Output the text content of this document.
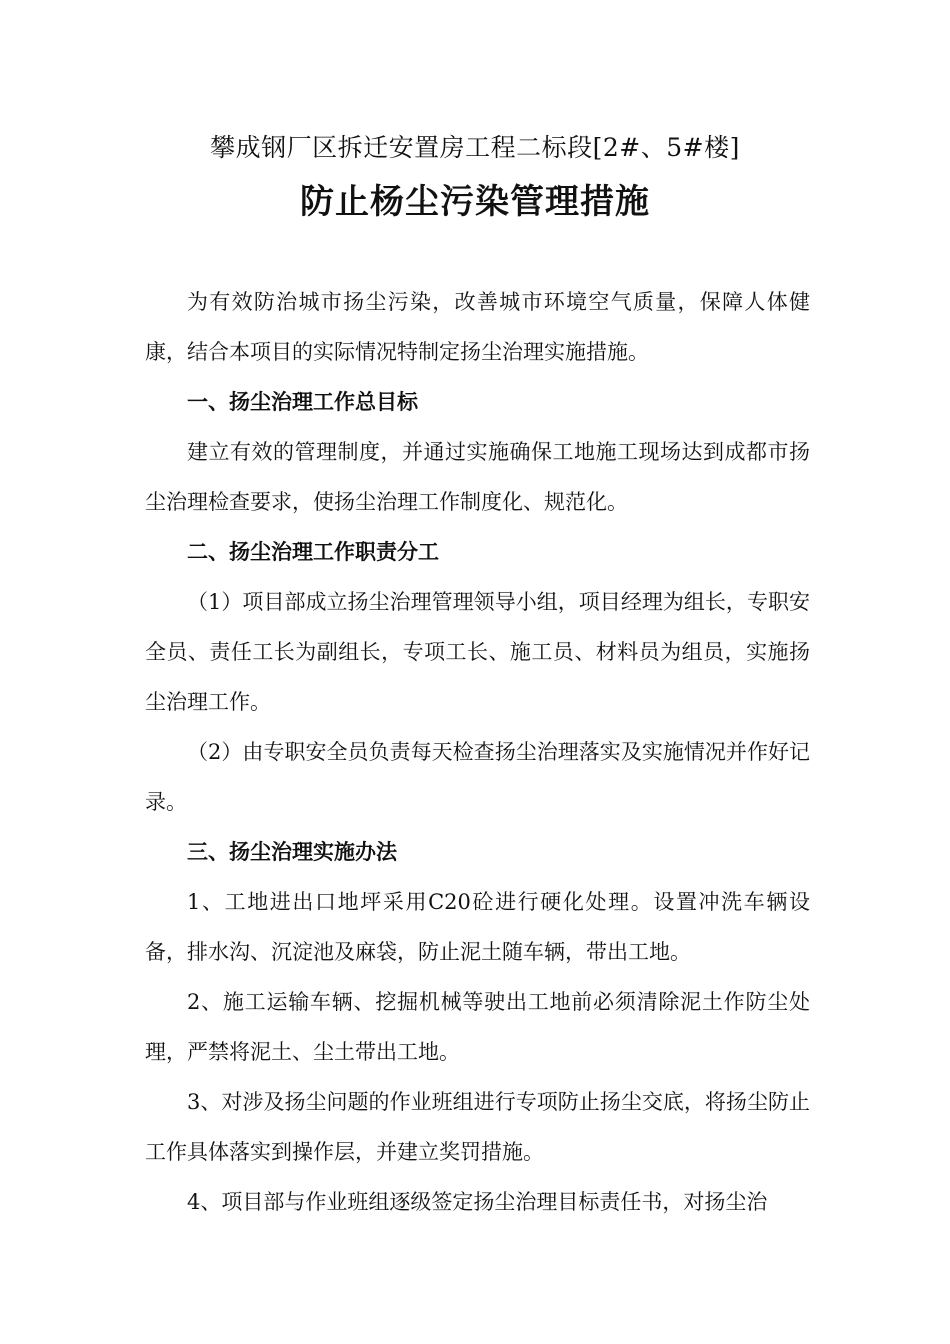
攀成钢厂区拆迁安置房工程二标段[2#、5#楼]
防止杨尘污染管理措施

为有效防治城市扬尘污染，改善城市环境空气质量，保障人体健康，结合本项目的实际情况特制定扬尘治理实施措施。

一、扬尘治理工作总目标

建立有效的管理制度，并通过实施确保工地施工现场达到成都市扬尘治理检查要求，使扬尘治理工作制度化、规范化。

二、扬尘治理工作职责分工

（1）项目部成立扬尘治理管理领导小组，项目经理为组长，专职安全员、责任工长为副组长，专项工长、施工员、材料员为组员，实施扬尘治理工作。

（2）由专职安全员负责每天检查扬尘治理落实及实施情况并作好记录。

三、扬尘治理实施办法

1、工地进出口地坪采用C20砼进行硬化处理。设置冲洗车辆设备，排水沟、沉淀池及麻袋，防止泥土随车辆，带出工地。

2、施工运输车辆、挖掘机械等驶出工地前必须清除泥土作防尘处理，严禁将泥土、尘土带出工地。

3、对涉及扬尘问题的作业班组进行专项防止扬尘交底，将扬尘防止工作具体落实到操作层，并建立奖罚措施。

4、项目部与作业班组逐级签定扬尘治理目标责任书，对扬尘治
